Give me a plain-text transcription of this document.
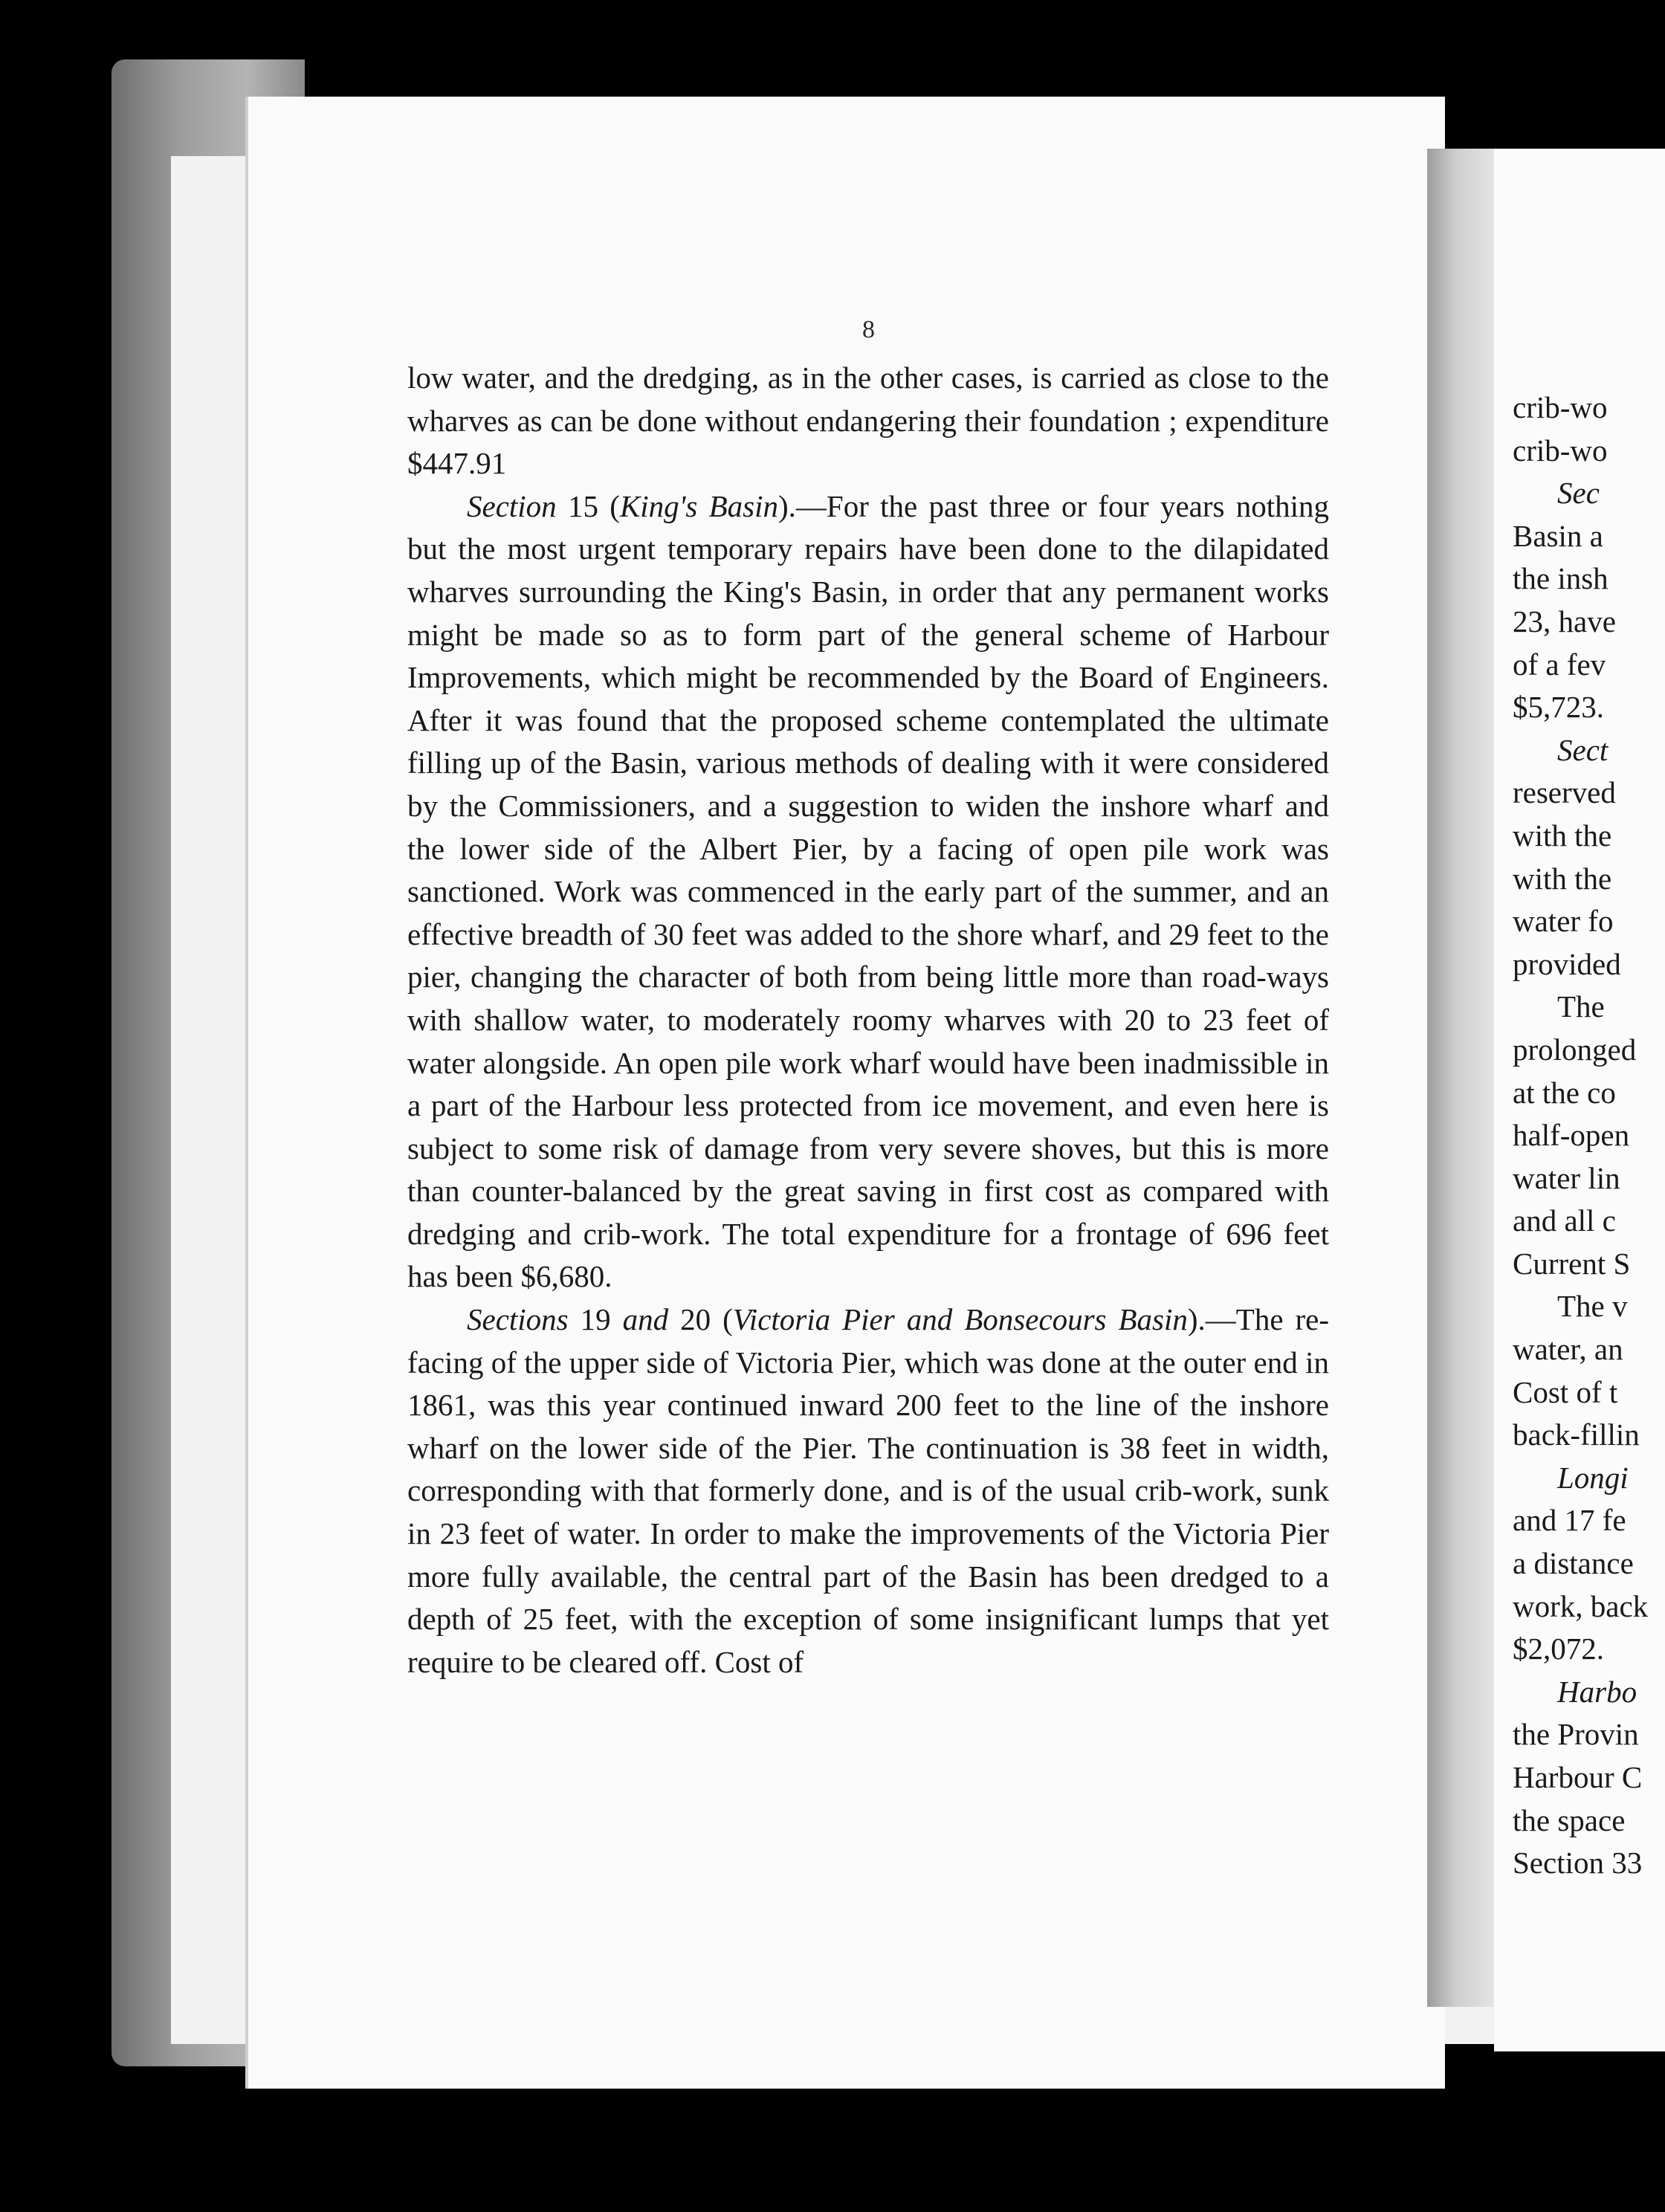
crib-wo
crib-wo
Sec
Basin a
the insh
23, have
of a fev
$5,723.
Sect
reserved
with the
with the
water fo
provided
The
prolonged
at the co
half-open
water lin
and all c
Current S
The v
water, an
Cost of t
back-fillin
Longi
and 17 fe
a distance
work, back
$2,072.
Harbo
the Provin
Harbour C
the space
Section 33
8

low water, and the dredging, as in the other cases, is carried as close to the wharves as can be done without endangering their foundation ; expenditure $447.91

Section 15 (King's Basin).—For the past three or four years nothing but the most urgent temporary repairs have been done to the dilapidated wharves surrounding the King's Basin, in order that any permanent works might be made so as to form part of the general scheme of Harbour Improvements, which might be recommended by the Board of Engineers. After it was found that the proposed scheme contemplated the ultimate filling up of the Basin, various methods of dealing with it were considered by the Commissioners, and a suggestion to widen the inshore wharf and the lower side of the Albert Pier, by a facing of open pile work was sanctioned. Work was commenced in the early part of the summer, and an effective breadth of 30 feet was added to the shore wharf, and 29 feet to the pier, changing the character of both from being little more than road-ways with shallow water, to moderately roomy wharves with 20 to 23 feet of water alongside. An open pile work wharf would have been inadmissible in a part of the Harbour less protected from ice movement, and even here is subject to some risk of damage from very severe shoves, but this is more than counter-balanced by the great saving in first cost as compared with dredging and crib-work. The total expenditure for a frontage of 696 feet has been $6,680.

Sections 19 and 20 (Victoria Pier and Bonsecours Basin).—The re-facing of the upper side of Victoria Pier, which was done at the outer end in 1861, was this year continued inward 200 feet to the line of the inshore wharf on the lower side of the Pier. The continuation is 38 feet in width, corresponding with that formerly done, and is of the usual crib-work, sunk in 23 feet of water. In order to make the improvements of the Victoria Pier more fully available, the central part of the Basin has been dredged to a depth of 25 feet, with the exception of some insignificant lumps that yet require to be cleared off. Cost of
